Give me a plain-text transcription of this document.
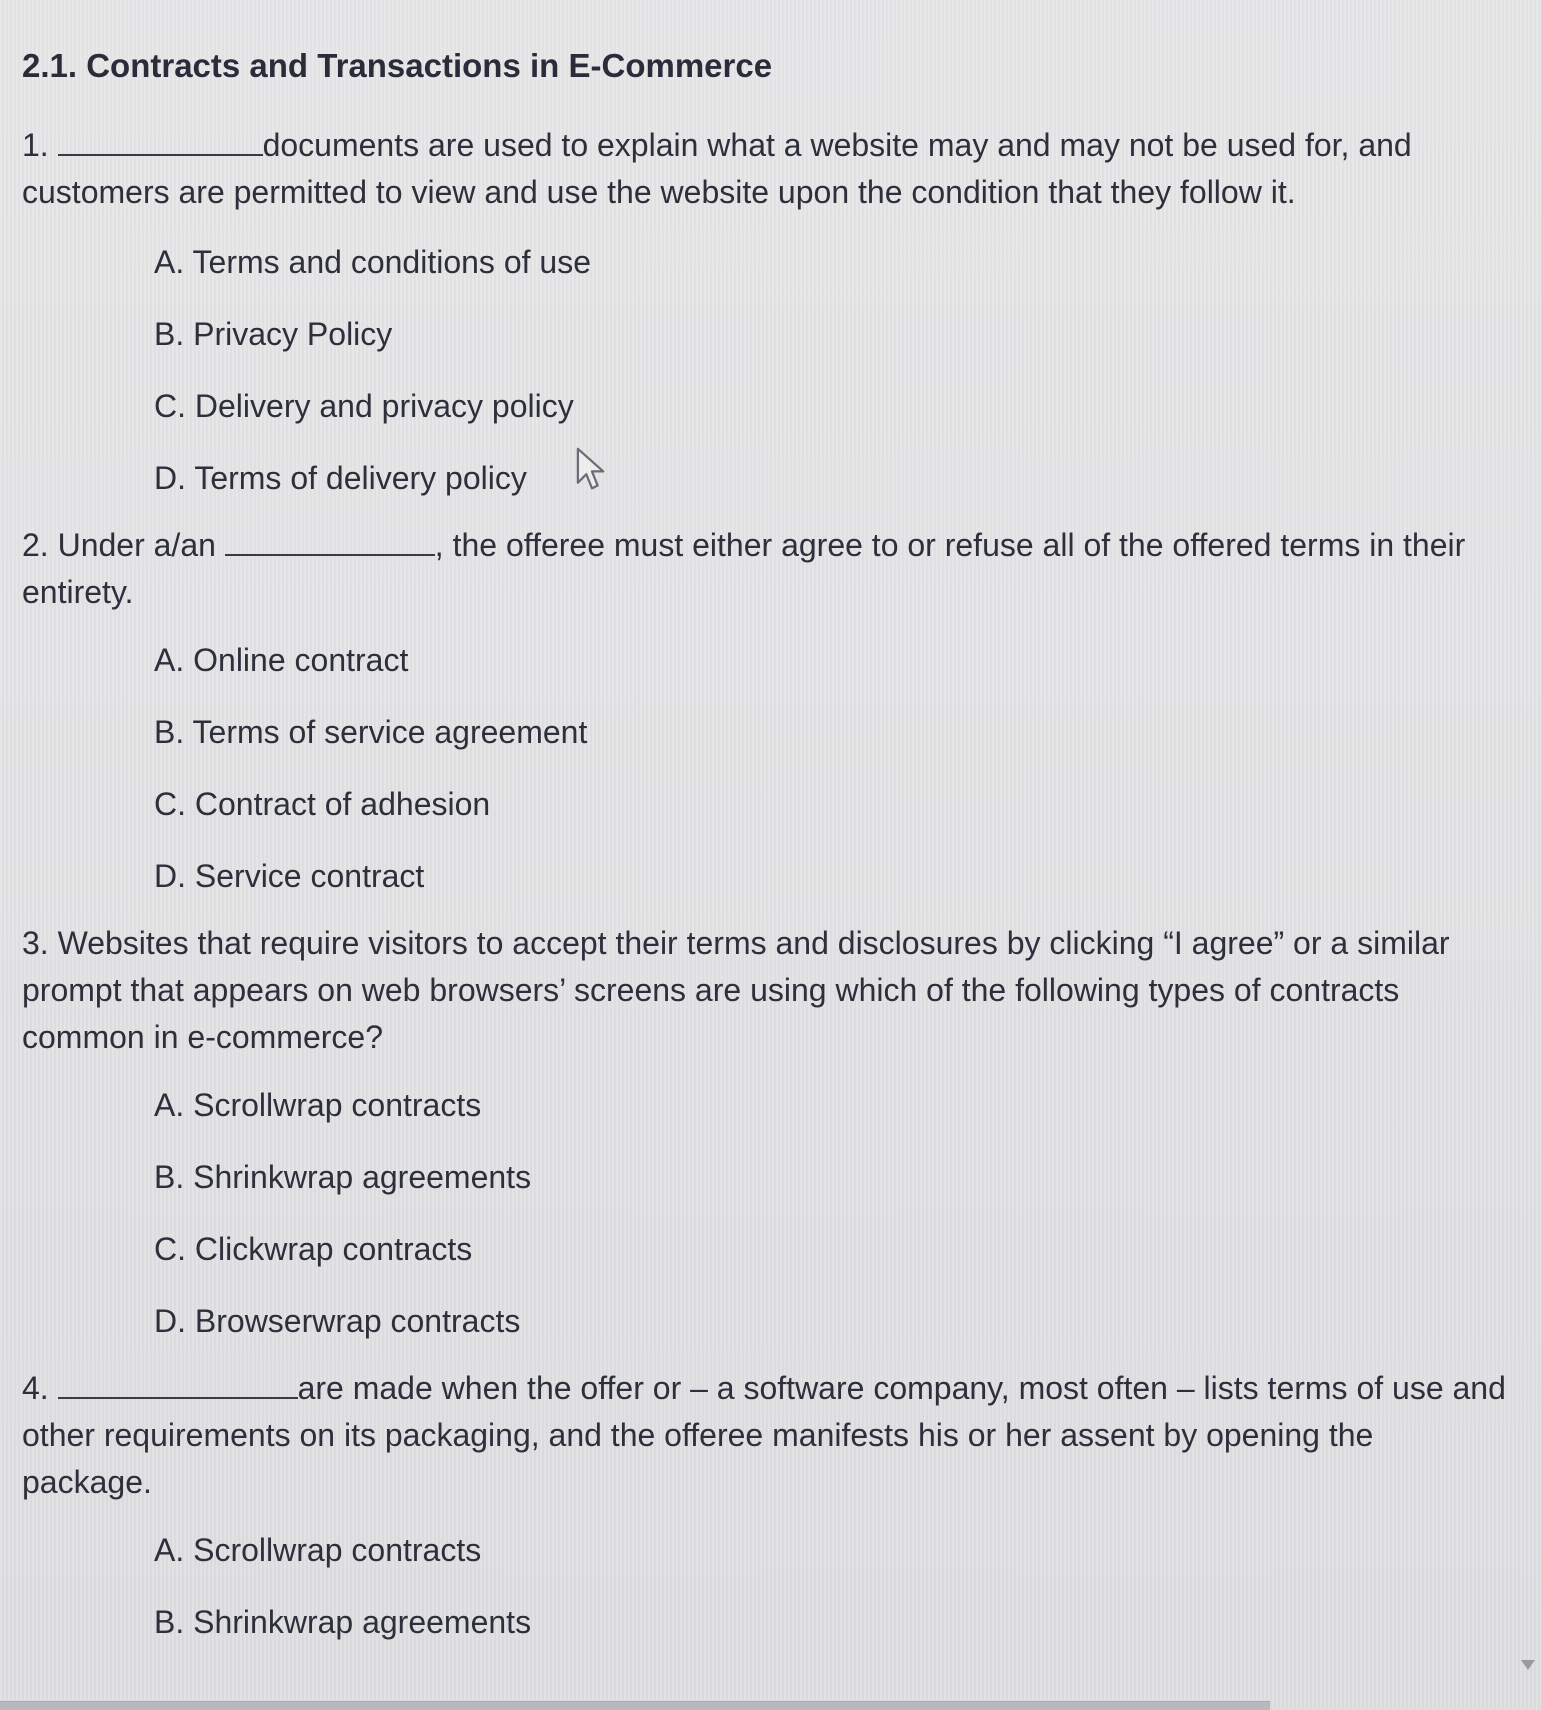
2.1. Contracts and Transactions in E-Commerce

1.	documents are used to explain what a website may and may not be used for, and customers are permitted to view and use the website upon the condition that they follow it.

A . Terms and conditions of use
B . Privacy Policy
C . Delivery and privacy policy
D . Terms of delivery policy

2. Under a/an	, the offeree must either agree to or refuse all of the offered terms in their entirety.

A . Online contract
B . Terms of service agreement
C . Contract of adhesion
D . Service contract

3. Websites that require visitors to accept their terms and disclosures by clicking “I agree” or a similar prompt that appears on web browsers’ screens are using which of the following types of contracts common in e-commerce?

A . Scrollwrap contracts
B . Shrinkwrap agreements
C . Clickwrap contracts
D . Browserwrap contracts

4.	are made when the offer or – a software company, most often – lists terms of use and other requirements on its packaging, and the offeree manifests his or her assent by opening the package.

A . Scrollwrap contracts
B . Shrinkwrap agreements
